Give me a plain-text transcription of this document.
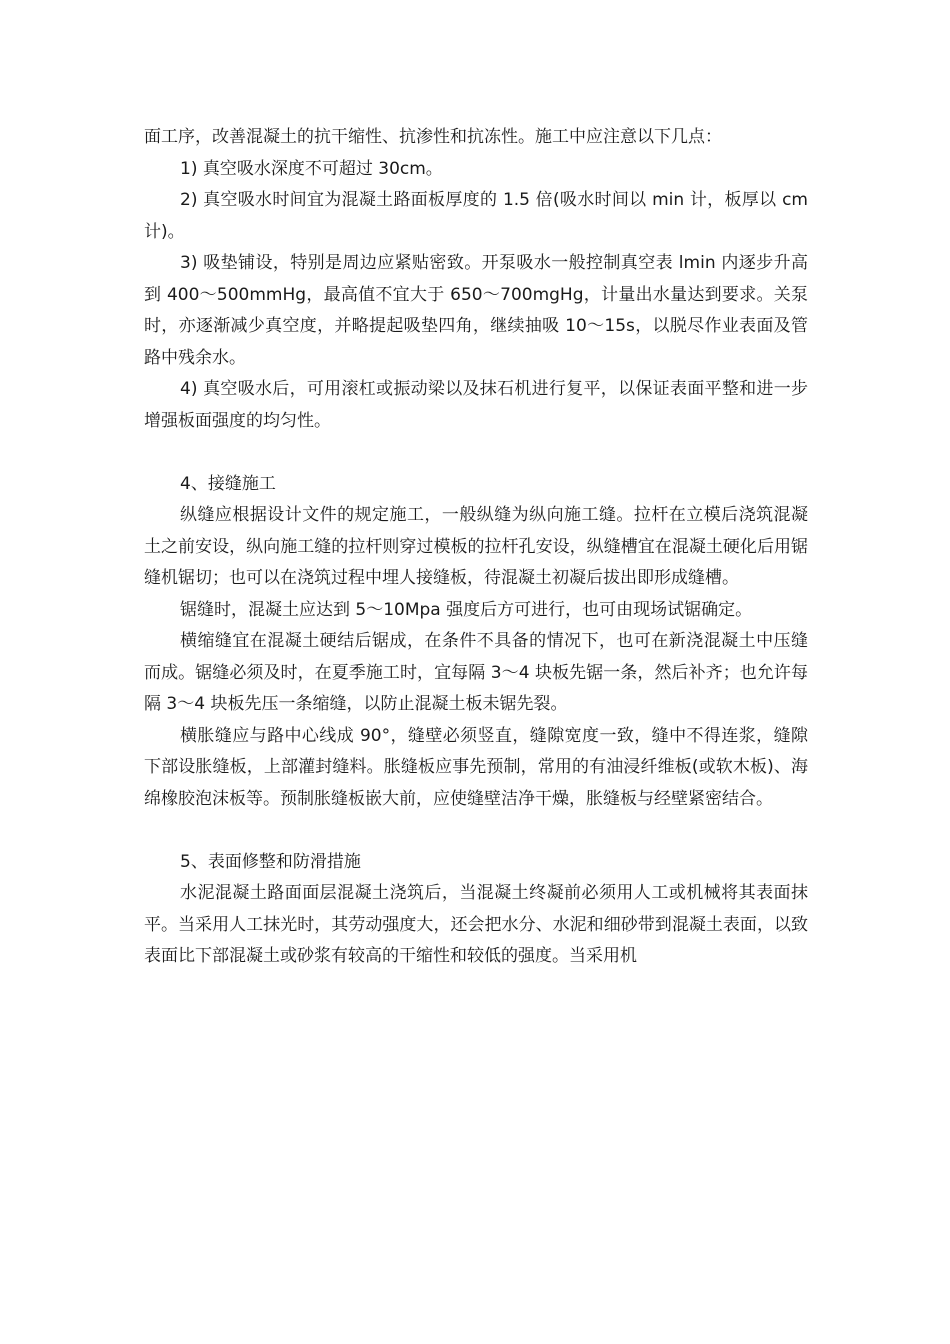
面工序，改善混凝土的抗干缩性、抗渗性和抗冻性。施工中应注意以下几点：

1) 真空吸水深度不可超过 30cm。

2) 真空吸水时间宜为混凝土路面板厚度的 1.5 倍(吸水时间以 min 计，板厚以 cm 计)。

3) 吸垫铺设，特别是周边应紧贴密致。开泵吸水一般控制真空表 lmin 内逐步升高到 400～500mmHg，最高值不宜大于 650～700mgHg，计量出水量达到要求。关泵时，亦逐渐减少真空度，并略提起吸垫四角，继续抽吸 10～15s，以脱尽作业表面及管路中残余水。

4) 真空吸水后，可用滚杠或振动梁以及抹石机进行复平，以保证表面平整和进一步增强板面强度的均匀性。

4、接缝施工

纵缝应根据设计文件的规定施工，一般纵缝为纵向施工缝。拉杆在立模后浇筑混凝土之前安设，纵向施工缝的拉杆则穿过模板的拉杆孔安设，纵缝槽宜在混凝土硬化后用锯缝机锯切；也可以在浇筑过程中埋人接缝板，待混凝土初凝后拔出即形成缝槽。

锯缝时，混凝土应达到 5～10Mpa 强度后方可进行，也可由现场试锯确定。

横缩缝宜在混凝土硬结后锯成，在条件不具备的情况下，也可在新浇混凝土中压缝而成。锯缝必须及时，在夏季施工时，宜每隔 3～4 块板先锯一条，然后补齐；也允许每隔 3～4 块板先压一条缩缝，以防止混凝土板未锯先裂。

横胀缝应与路中心线成 90°，缝壁必须竖直，缝隙宽度一致，缝中不得连浆，缝隙下部设胀缝板，上部灌封缝料。胀缝板应事先预制，常用的有油浸纤维板(或软木板)、海绵橡胶泡沫板等。预制胀缝板嵌大前，应使缝壁洁净干燥，胀缝板与经壁紧密结合。

5、表面修整和防滑措施

水泥混凝土路面面层混凝土浇筑后，当混凝土终凝前必须用人工或机械将其表面抹平。当采用人工抹光时，其劳动强度大，还会把水分、水泥和细砂带到混凝土表面，以致表面比下部混凝土或砂浆有较高的干缩性和较低的强度。当采用机
